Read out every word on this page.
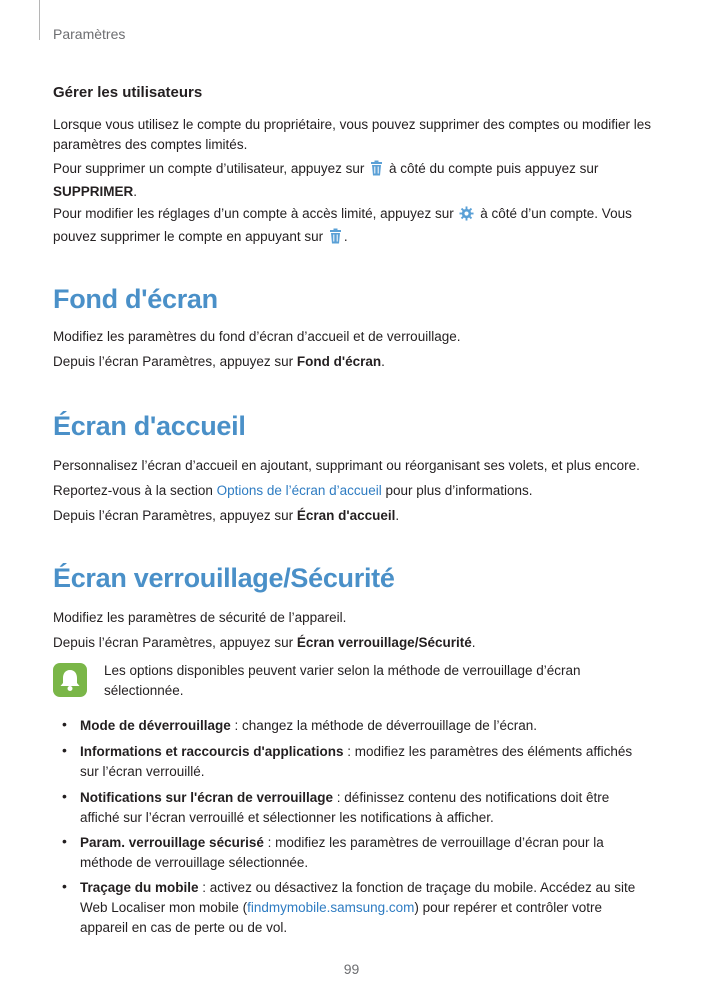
Paramètres
Gérer les utilisateurs
Lorsque vous utilisez le compte du propriétaire, vous pouvez supprimer des comptes ou modifier les paramètres des comptes limités.
Pour supprimer un compte d’utilisateur, appuyez sur à côté du compte puis appuyez sur
SUPPRIMER.
Pour modifier les réglages d’un compte à accès limité, appuyez sur à côté d’un compte. Vous pouvez supprimer le compte en appuyant sur .
Fond d'écran
Modifiez les paramètres du fond d’écran d’accueil et de verrouillage.
Depuis l’écran Paramètres, appuyez sur Fond d'écran.
Écran d'accueil
Personnalisez l’écran d’accueil en ajoutant, supprimant ou réorganisant ses volets, et plus encore.
Reportez-vous à la section Options de l’écran d’accueil pour plus d’informations.
Depuis l’écran Paramètres, appuyez sur Écran d'accueil.
Écran verrouillage/Sécurité
Modifiez les paramètres de sécurité de l’appareil.
Depuis l’écran Paramètres, appuyez sur Écran verrouillage/Sécurité.
Les options disponibles peuvent varier selon la méthode de verrouillage d’écran sélectionnée.
• Mode de déverrouillage : changez la méthode de déverrouillage de l’écran.
• Informations et raccourcis d'applications : modifiez les paramètres des éléments affichés sur l’écran verrouillé.
• Notifications sur l'écran de verrouillage : définissez contenu des notifications doit être affiché sur l’écran verrouillé et sélectionner les notifications à afficher.
• Param. verrouillage sécurisé : modifiez les paramètres de verrouillage d’écran pour la méthode de verrouillage sélectionnée.
• Traçage du mobile : activez ou désactivez la fonction de traçage du mobile. Accédez au site Web Localiser mon mobile (findmymobile.samsung.com) pour repérer et contrôler votre appareil en cas de perte ou de vol.
99
